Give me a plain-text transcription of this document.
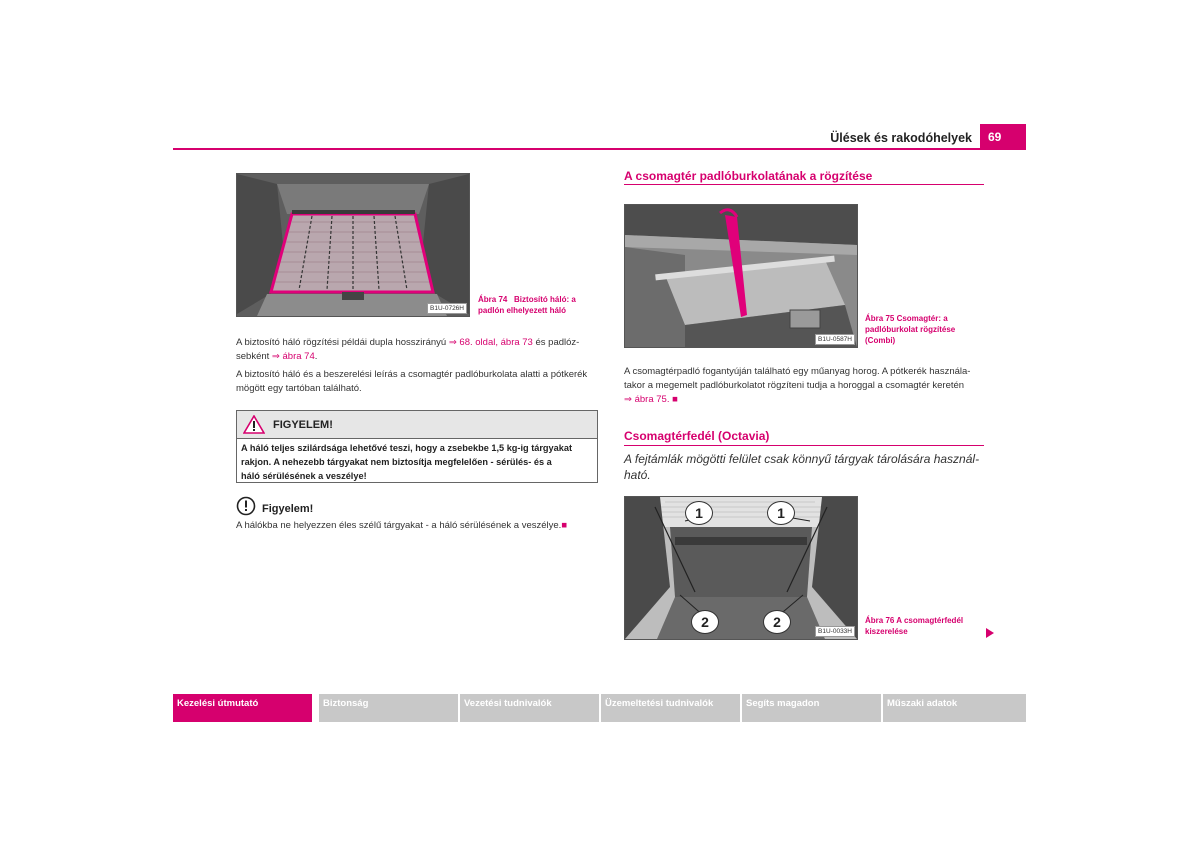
Ülések és rakodóhelyek	69
B1U-0726H
Ábra 74 Biztosító háló: a
padlón elhelyezett háló
A biztosító háló rögzítési példái dupla hosszirányú ⇒ 68. oldal, ábra 73 és padlóz-
sebként ⇒ ábra 74.
A biztosító háló és a beszerelési leírás a csomagtér padlóburkolata alatti a pótkerék
mögött egy tartóban található.
FIGYELEM!
A háló teljes szilárdsága lehetővé teszi, hogy a zsebekbe 1,5 kg-ig tárgyakat
rakjon. A nehezebb tárgyakat nem biztosítja megfelelően - sérülés- és a
háló sérülésének a veszélye!
Figyelem!
A hálókba ne helyezzen éles szélű tárgyakat - a háló sérülésének a veszélye.■
A csomagtér padlóburkolatának a rögzítése
B1U-0587H
Ábra 75 Csomagtér: a
padlóburkolat rögzítése
(Combi)
A csomagtérpadló fogantyúján található egy műanyag horog. A pótkerék használa-
takor a megemelt padlóburkolatot rögzíteni tudja a horoggal a csomagtér keretén
⇒ ábra 75. ■
Csomagtérfedél (Octavia)
A fejtámlák mögötti felület csak könnyű tárgyak tárolására használ-
ható.
1	1
2	2
B1U-0033H
Ábra 76 A csomagtérfedél
kiszerelése
Kezelési útmutató	Biztonság	Vezetési tudnivalók	Üzemeltetési tudnivalók	Segíts magadon	Műszaki adatok
